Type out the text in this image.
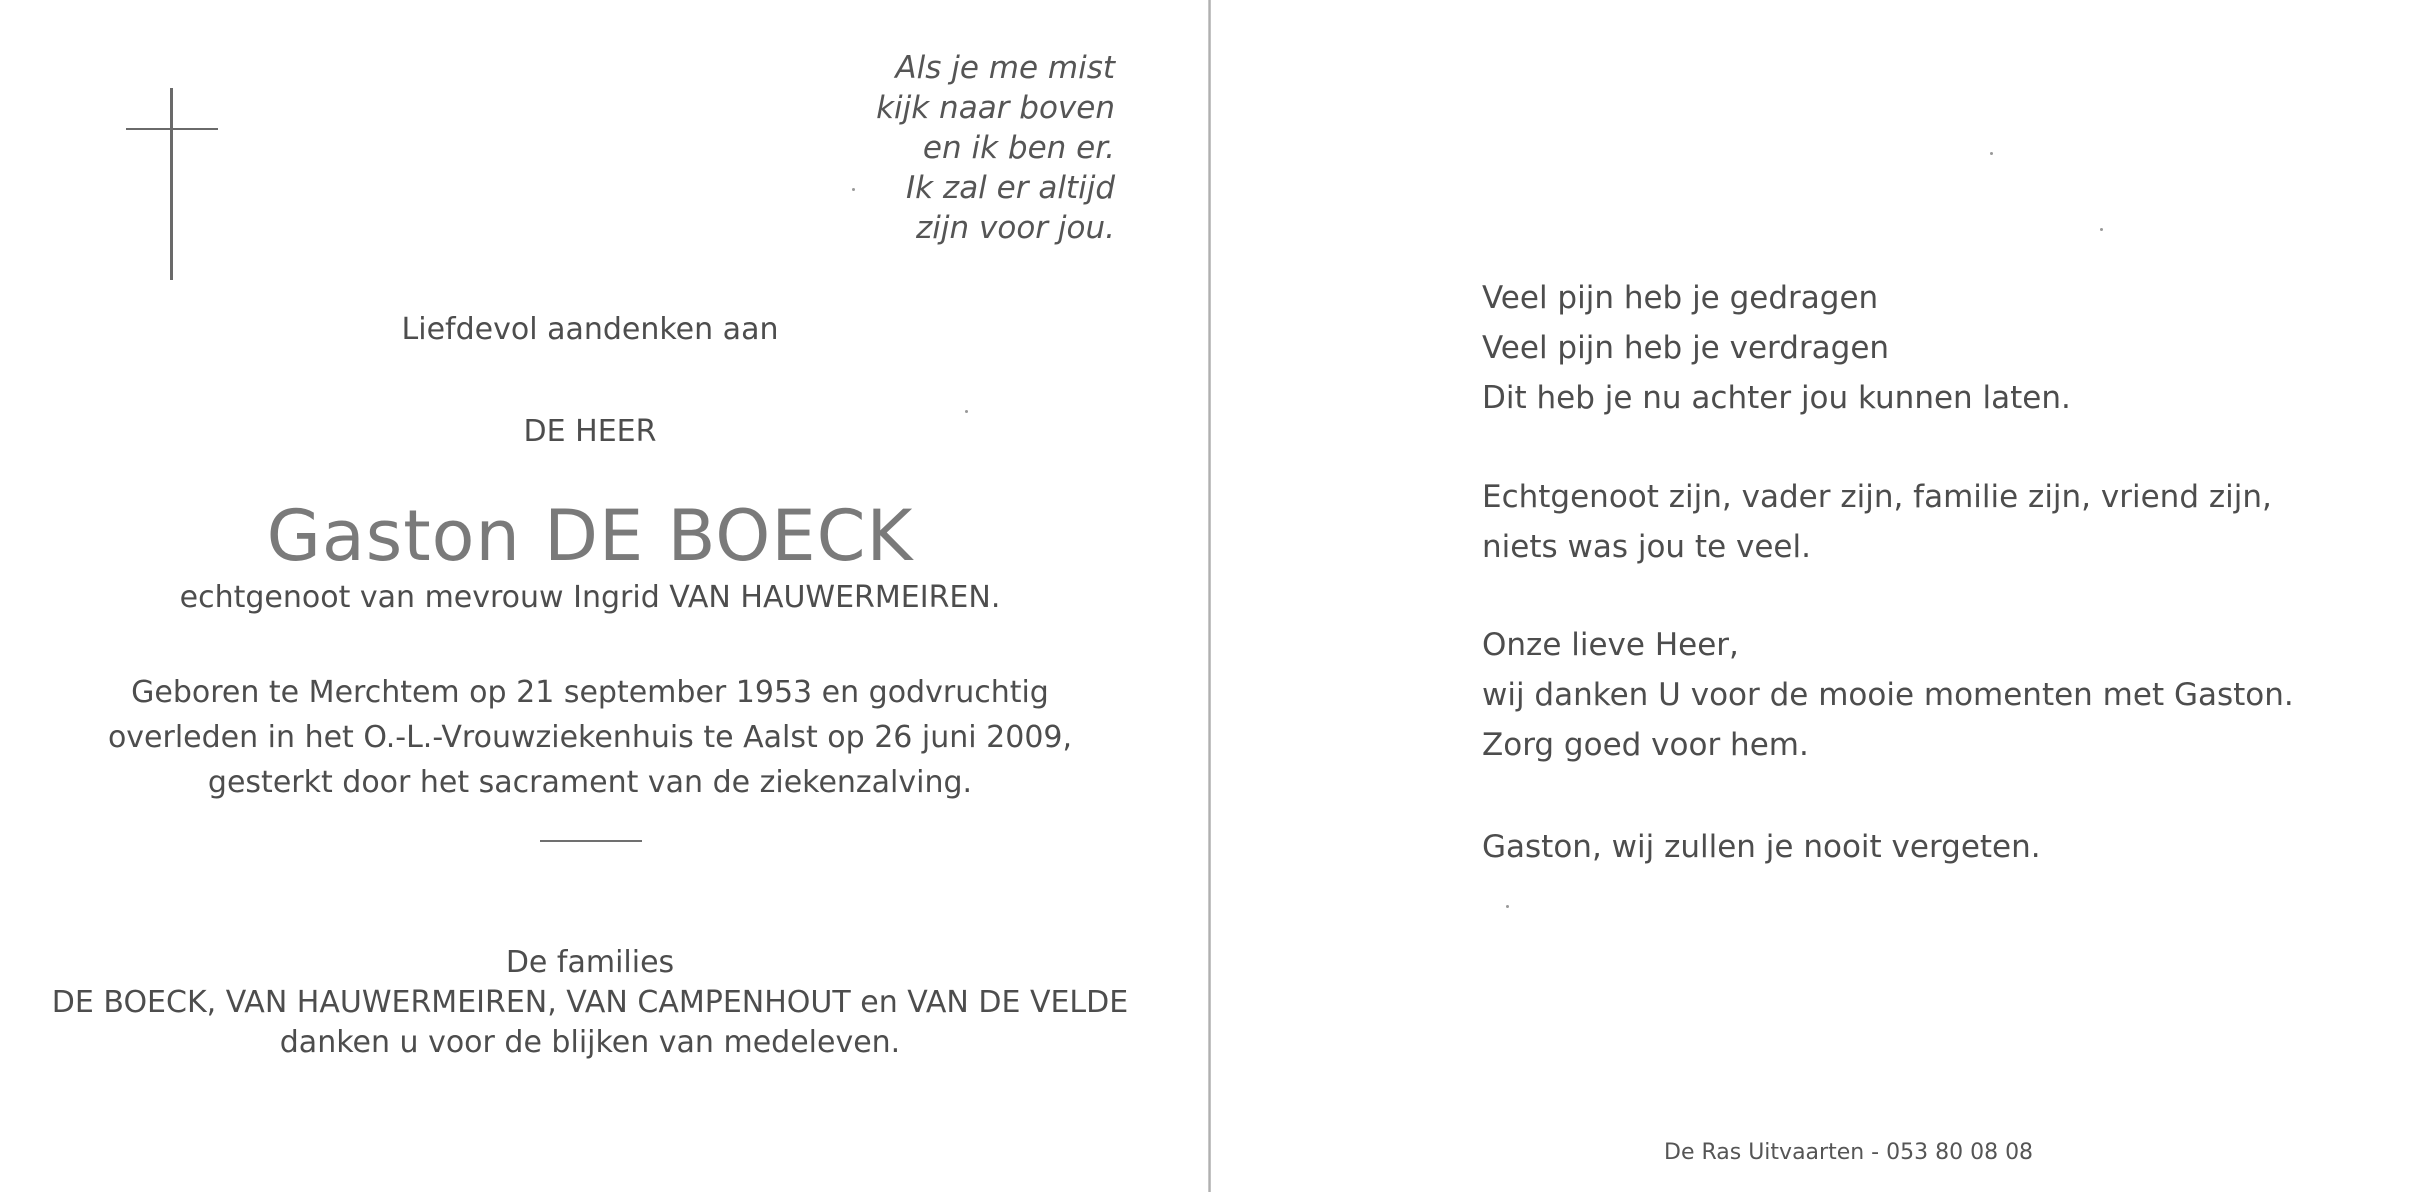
Als je me mist
kijk naar boven
en ik ben er.
Ik zal er altijd
zijn voor jou.
Liefdevol aandenken aan
DE HEER
Gaston DE BOECK
echtgenoot van mevrouw Ingrid VAN HAUWERMEIREN.
Geboren te Merchtem op 21 september 1953 en godvruchtig
overleden in het O.-L.-Vrouwziekenhuis te Aalst op 26 juni 2009,
gesterkt door het sacrament van de ziekenzalving.
De families
DE BOECK, VAN HAUWERMEIREN, VAN CAMPENHOUT en VAN DE VELDE
danken u voor de blijken van medeleven.
Veel pijn heb je gedragen
Veel pijn heb je verdragen
Dit heb je nu achter jou kunnen laten.
Echtgenoot zijn, vader zijn, familie zijn, vriend zijn,
niets was jou te veel.
Onze lieve Heer,
wij danken U voor de mooie momenten met Gaston.
Zorg goed voor hem.
Gaston, wij zullen je nooit vergeten.
De Ras Uitvaarten - 053 80 08 08
